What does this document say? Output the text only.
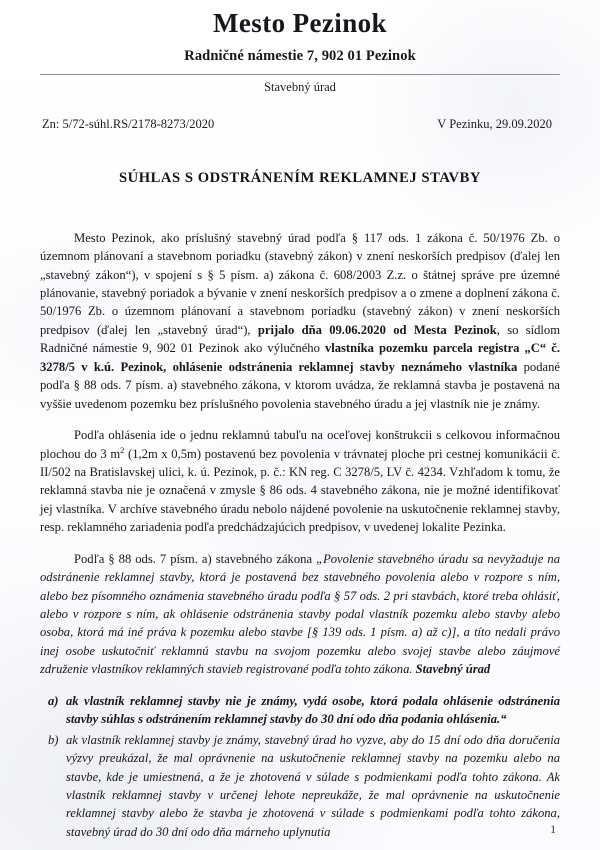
Mesto Pezinok
Radničné námestie 7, 902 01 Pezinok
Stavebný úrad
Zn: 5/72-súhl.RS/2178-8273/2020	V Pezinku, 29.09.2020
SÚHLAS S ODSTRÁNENÍM REKLAMNEJ STAVBY

Mesto Pezinok, ako príslušný stavebný úrad podľa § 117 ods. 1 zákona č. 50/1976 Zb. o územnom plánovaní a stavebnom poriadku (stavebný zákon) v znení neskorších predpisov (ďalej len „stavebný zákon“), v spojení s § 5 písm. a) zákona č. 608/2003 Z.z. o štátnej správe pre územné plánovanie, stavebný poriadok a bývanie v znení neskorších predpisov a o zmene a doplnení zákona č. 50/1976 Zb. o územnom plánovaní a stavebnom poriadku (stavebný zákon) v znení neskorších predpisov (ďalej len „stavebný úrad“), prijalo dňa 09.06.2020 od Mesta Pezinok, so sídlom Radničné námestie 9, 902 01 Pezinok ako výlučného vlastníka pozemku parcela registra „C“ č. 3278/5 v k.ú. Pezinok, ohlásenie odstránenia reklamnej stavby neznámeho vlastníka podané podľa § 88 ods. 7 písm. a) stavebného zákona, v ktorom uvádza, že reklamná stavba je postavená na vyššie uvedenom pozemku bez príslušného povolenia stavebného úradu a jej vlastník nie je známy.

Podľa ohlásenia ide o jednu reklamnú tabuľu na oceľovej konštrukcii s celkovou informačnou plochou do 3 $m^2$ (1,2m x 0,5m) postavenú bez povolenia v trávnatej ploche pri cestnej komunikácii č. II/502 na Bratislavskej ulici, k. ú. Pezinok, p. č.: KN reg. C 3278/5, LV č. 4234. Vzhľadom k tomu, že reklamná stavba nie je označená v zmysle § 86 ods. 4 stavebného zákona, nie je možné identifikovať jej vlastníka. V archíve stavebného úradu nebolo nájdené povolenie na uskutočnenie reklamnej stavby, resp. reklamného zariadenia podľa predchádzajúcich predpisov, v uvedenej lokalite Pezinka.

Podľa § 88 ods. 7 písm. a) stavebného zákona „Povolenie stavebného úradu sa nevyžaduje na odstránenie reklamnej stavby, ktorá je postavená bez stavebného povolenia alebo v rozpore s ním, alebo bez písomného oznámenia stavebného úradu podľa § 57 ods. 2 pri stavbách, ktoré treba ohlásiť, alebo v rozpore s ním, ak ohlásenie odstránenia stavby podal vlastník pozemku alebo stavby alebo osoba, ktorá má iné práva k pozemku alebo stavbe [§ 139 ods. 1 písm. a) až c)], a títo nedali právo inej osobe uskutočniť reklamnú stavbu na svojom pozemku alebo svojej stavbe alebo záujmové združenie vlastníkov reklamných stavieb registrované podľa tohto zákona. Stavebný úrad

a) ak vlastník reklamnej stavby nie je známy, vydá osobe, ktorá podala ohlásenie odstránenia stavby súhlas s odstránením reklamnej stavby do 30 dní odo dňa podania ohlásenia.“
b) ak vlastník reklamnej stavby je známy, stavebný úrad ho vyzve, aby do 15 dní odo dňa doručenia výzvy preukázal, že mal oprávnenie na uskutočnenie reklamnej stavby na pozemku alebo na stavbe, kde je umiestnená, a že je zhotovená v súlade s podmienkami podľa tohto zákona. Ak vlastník reklamnej stavby v určenej lehote nepreukáže, že mal oprávnenie na uskutočnenie reklamnej stavby alebo že stavba je zhotovená v súlade s podmienkami podľa tohto zákona, stavebný úrad do 30 dní odo dňa márneho uplynutia	1
